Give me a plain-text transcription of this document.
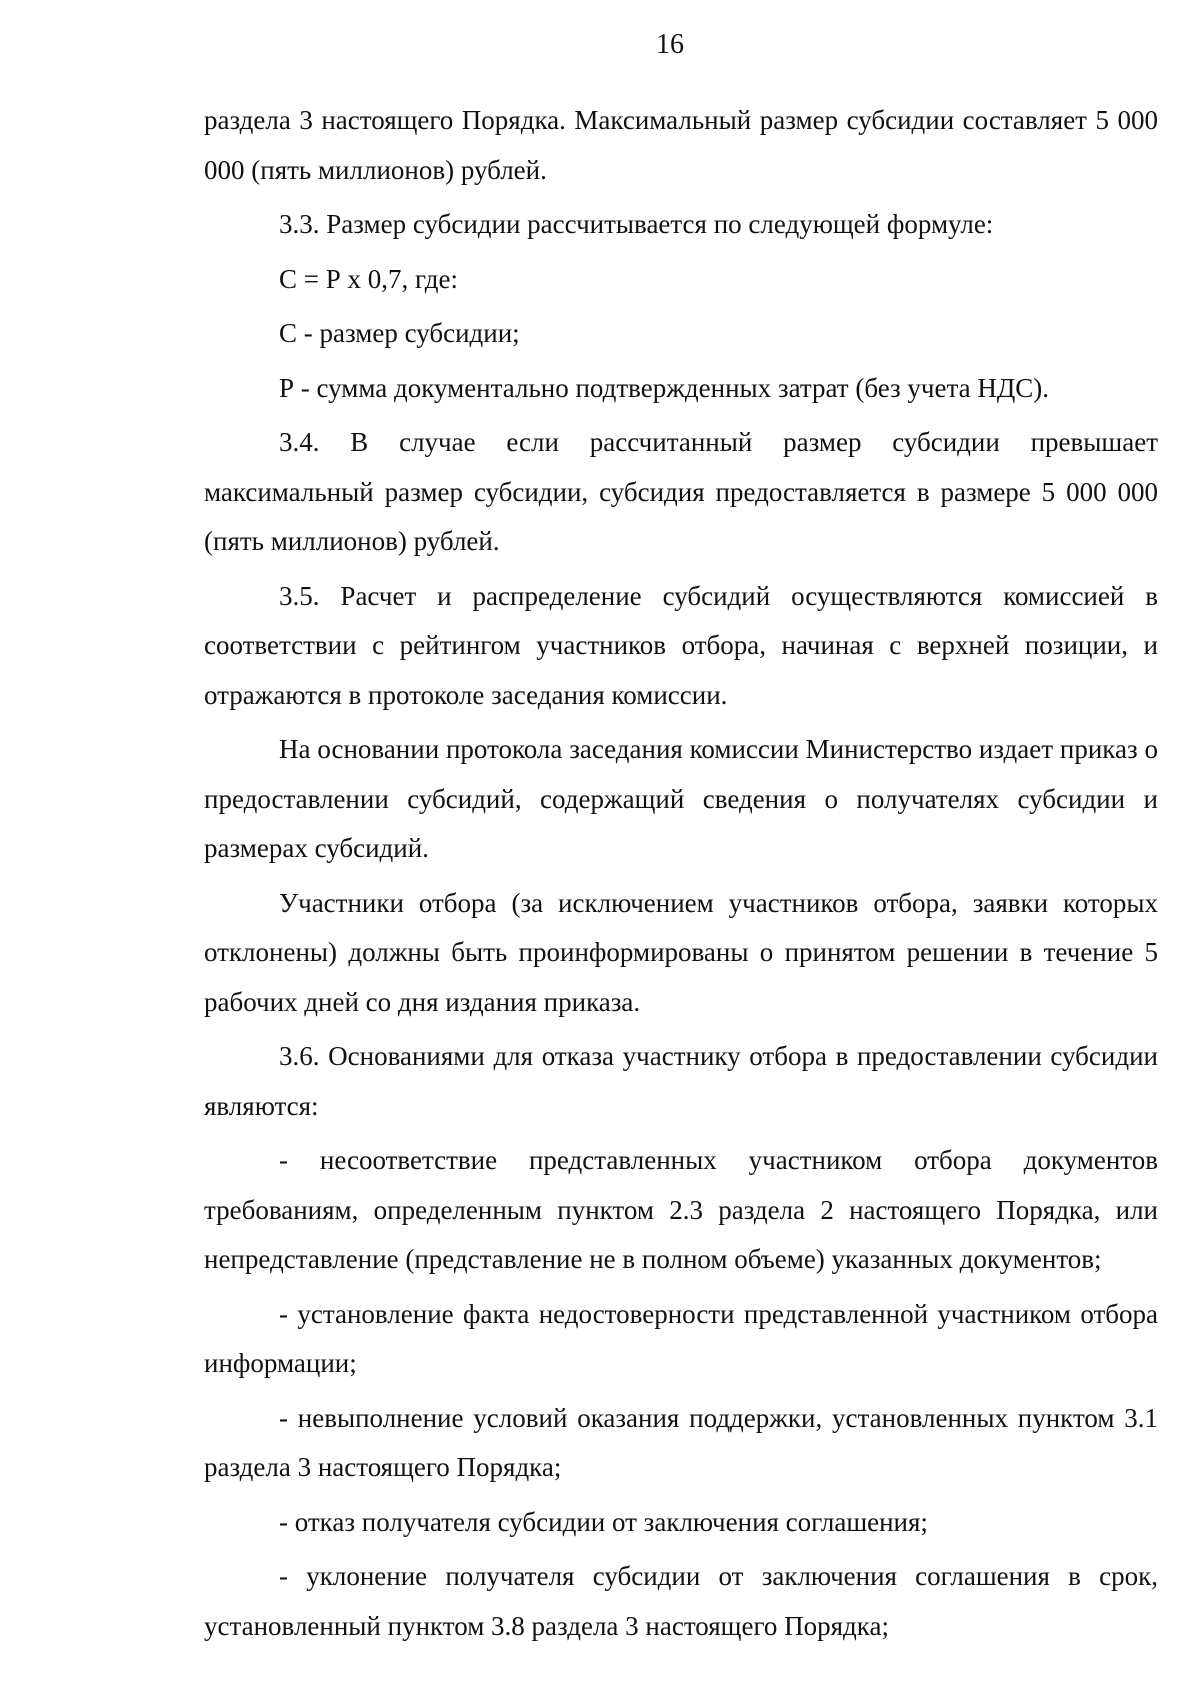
16

раздела 3 настоящего Порядка. Максимальный размер субсидии составляет 5 000 000 (пять миллионов) рублей.

3.3. Размер субсидии рассчитывается по следующей формуле:

С = Р х 0,7, где:

С - размер субсидии;

Р - сумма документально подтвержденных затрат (без учета НДС).

3.4. В случае если рассчитанный размер субсидии превышает максимальный размер субсидии, субсидия предоставляется в размере 5 000 000 (пять миллионов) рублей.

3.5. Расчет и распределение субсидий осуществляются комиссией в соответствии с рейтингом участников отбора, начиная с верхней позиции, и отражаются в протоколе заседания комиссии.

На основании протокола заседания комиссии Министерство издает приказ о предоставлении субсидий, содержащий сведения о получателях субсидии и размерах субсидий.

Участники отбора (за исключением участников отбора, заявки которых отклонены) должны быть проинформированы о принятом решении в течение 5 рабочих дней со дня издания приказа.

3.6. Основаниями для отказа участнику отбора в предоставлении субсидии являются:

- несоответствие представленных участником отбора документов требованиям, определенным пунктом 2.3 раздела 2 настоящего Порядка, или непредставление (представление не в полном объеме) указанных документов;

- установление факта недостоверности представленной участником отбора информации;

- невыполнение условий оказания поддержки, установленных пунктом 3.1 раздела 3 настоящего Порядка;

- отказ получателя субсидии от заключения соглашения;

- уклонение получателя субсидии от заключения соглашения в срок, установленный пунктом 3.8 раздела 3 настоящего Порядка;
